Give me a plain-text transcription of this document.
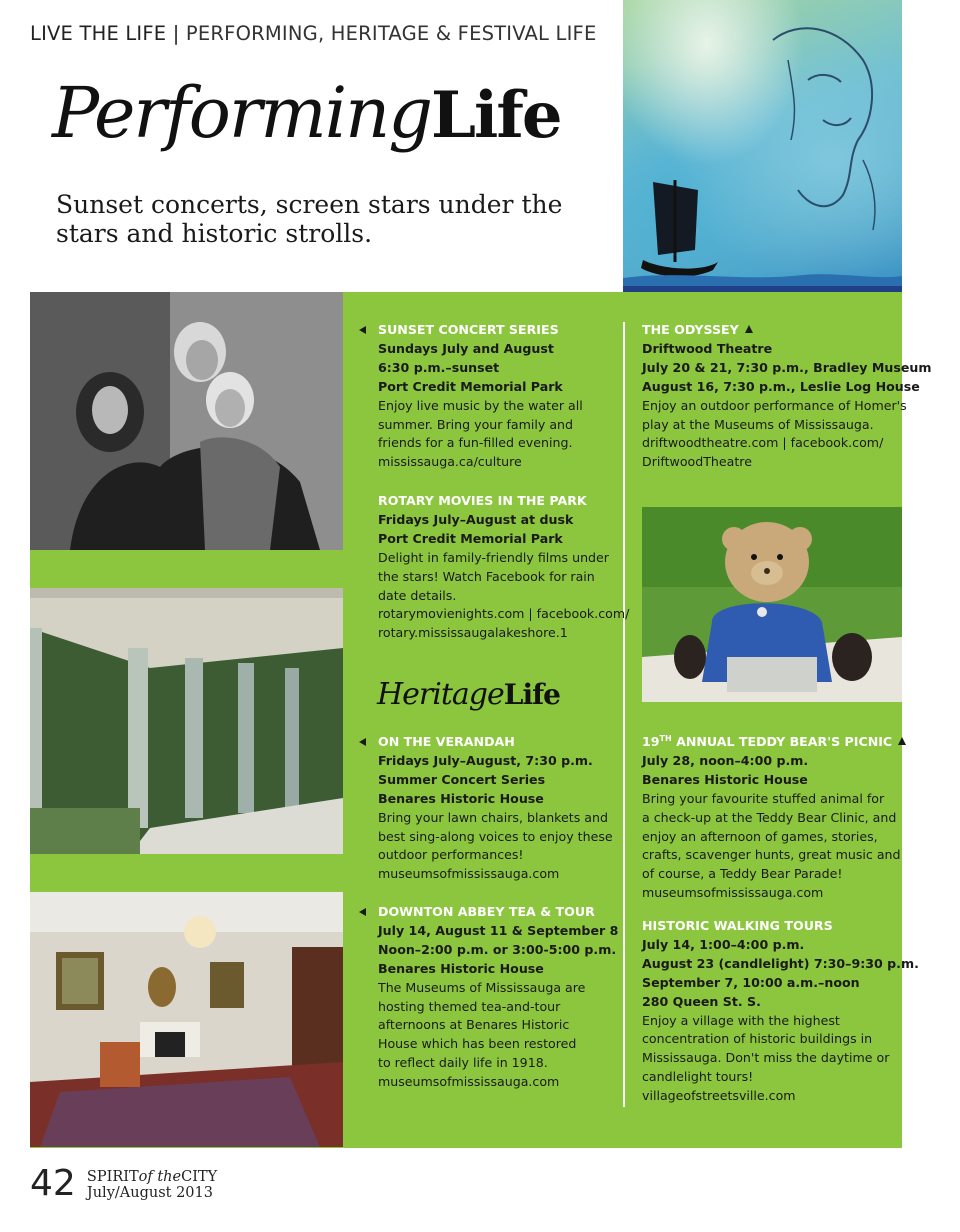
LIVE THE LIFE | PERFORMING, HERITAGE & FESTIVAL LIFE
PerformingLife
Sunset concerts, screen stars under the stars and historic strolls.
SUNSET CONCERT SERIES
Sundays July and August
6:30 p.m.–sunset
Port Credit Memorial Park
Enjoy live music by the water all
summer. Bring your family and
friends for a fun-filled evening.
mississauga.ca/culture
ROTARY MOVIES IN THE PARK
Fridays July–August at dusk
Port Credit Memorial Park
Delight in family-friendly films under
the stars! Watch Facebook for rain
date details.
rotarymovienights.com | facebook.com/
rotary.mississaugalakeshore.1
HeritageLife
ON THE VERANDAH
Fridays July–August, 7:30 p.m.
Summer Concert Series
Benares Historic House
Bring your lawn chairs, blankets and
best sing-along voices to enjoy these
outdoor performances!
museumsofmississauga.com
DOWNTON ABBEY TEA & TOUR
July 14, August 11 & September 8
Noon–2:00 p.m. or 3:00-5:00 p.m.
Benares Historic House
The Museums of Mississauga are
hosting themed tea-and-tour
afternoons at Benares Historic
House which has been restored
to reflect daily life in 1918.
museumsofmississauga.com
THE ODYSSEY
Driftwood Theatre
July 20 & 21, 7:30 p.m., Bradley Museum
August 16, 7:30 p.m., Leslie Log House
Enjoy an outdoor performance of Homer's
play at the Museums of Mississauga.
driftwoodtheatre.com | facebook.com/
DriftwoodTheatre
19TH ANNUAL TEDDY BEAR'S PICNIC
July 28, noon–4:00 p.m.
Benares Historic House
Bring your favourite stuffed animal for
a check-up at the Teddy Bear Clinic, and
enjoy an afternoon of games, stories,
crafts, scavenger hunts, great music and
of course, a Teddy Bear Parade!
museumsofmississauga.com
HISTORIC WALKING TOURS
July 14, 1:00–4:00 p.m.
August 23 (candlelight) 7:30–9:30 p.m.
September 7, 10:00 a.m.–noon
280 Queen St. S.
Enjoy a village with the highest
concentration of historic buildings in
Mississauga. Don't miss the daytime or
candlelight tours!
villageofstreetsville.com
42 SPIRITof theCITY
July/August 2013
